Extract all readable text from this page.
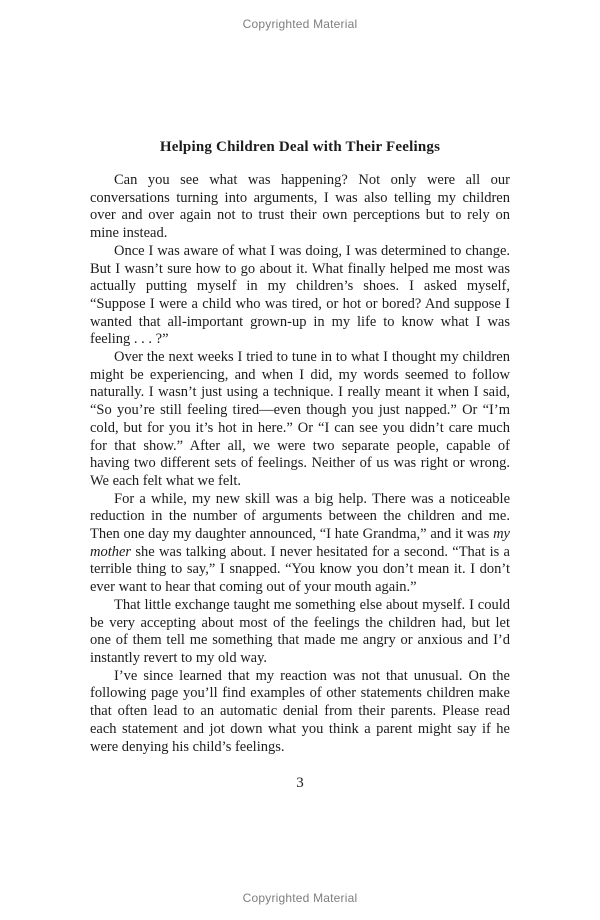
Copyrighted Material
Helping Children Deal with Their Feelings

Can you see what was happening? Not only were all our conversations turning into arguments, I was also telling my children over and over again not to trust their own perceptions but to rely on mine instead.

Once I was aware of what I was doing, I was determined to change. But I wasn’t sure how to go about it. What finally helped me most was actually putting myself in my children’s shoes. I asked myself, “Suppose I were a child who was tired, or hot or bored? And suppose I wanted that all-important grown-up in my life to know what I was feeling . . . ?”

Over the next weeks I tried to tune in to what I thought my children might be experiencing, and when I did, my words seemed to follow naturally. I wasn’t just using a technique. I really meant it when I said, “So you’re still feeling tired—even though you just napped.” Or “I’m cold, but for you it’s hot in here.” Or “I can see you didn’t care much for that show.” After all, we were two separate people, capable of having two different sets of feelings. Neither of us was right or wrong. We each felt what we felt.

For a while, my new skill was a big help. There was a noticeable reduction in the number of arguments between the children and me. Then one day my daughter announced, “I hate Grandma,” and it was my mother she was talking about. I never hesitated for a second. “That is a terrible thing to say,” I snapped. “You know you don’t mean it. I don’t ever want to hear that coming out of your mouth again.”

That little exchange taught me something else about myself. I could be very accepting about most of the feelings the children had, but let one of them tell me something that made me angry or anxious and I’d instantly revert to my old way.

I’ve since learned that my reaction was not that unusual. On the following page you’ll find examples of other statements children make that often lead to an automatic denial from their parents. Please read each statement and jot down what you think a parent might say if he were denying his child’s feelings.

3
Copyrighted Material
